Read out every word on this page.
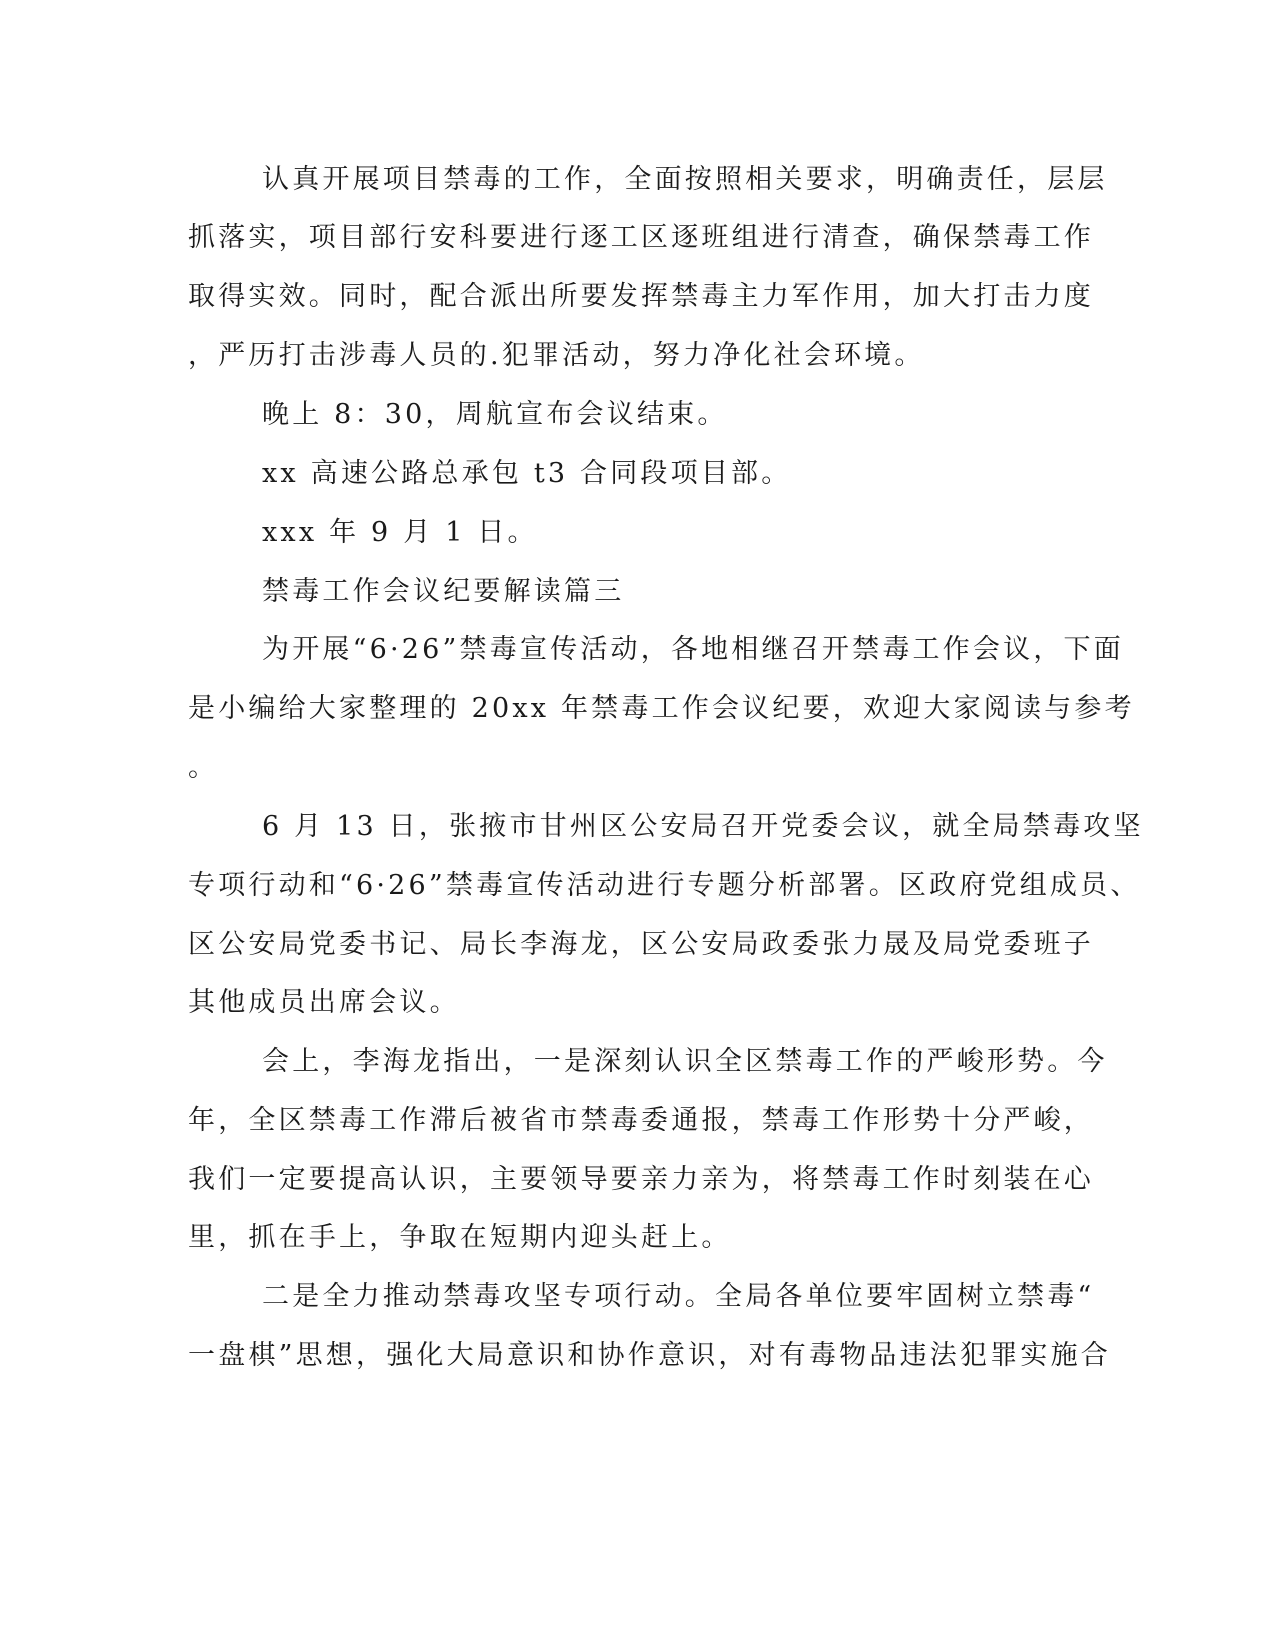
认真开展项目禁毒的工作，全面按照相关要求，明确责任，层层
抓落实，项目部行安科要进行逐工区逐班组进行清查，确保禁毒工作
取得实效。同时，配合派出所要发挥禁毒主力军作用，加大打击力度
，严历打击涉毒人员的.犯罪活动，努力净化社会环境。
晚上 8：30，周航宣布会议结束。
xx 高速公路总承包 t3 合同段项目部。
xxx 年 9 月 1 日。
禁毒工作会议纪要解读篇三
为开展“6·26”禁毒宣传活动，各地相继召开禁毒工作会议，下面
是小编给大家整理的 20xx 年禁毒工作会议纪要，欢迎大家阅读与参考
。
6 月 13 日，张掖市甘州区公安局召开党委会议，就全局禁毒攻坚
专项行动和“6·26”禁毒宣传活动进行专题分析部署。区政府党组成员、
区公安局党委书记、局长李海龙，区公安局政委张力晟及局党委班子
其他成员出席会议。
会上，李海龙指出，一是深刻认识全区禁毒工作的严峻形势。今
年，全区禁毒工作滞后被省市禁毒委通报，禁毒工作形势十分严峻，
我们一定要提高认识，主要领导要亲力亲为，将禁毒工作时刻装在心
里，抓在手上，争取在短期内迎头赶上。
二是全力推动禁毒攻坚专项行动。全局各单位要牢固树立禁毒“
一盘棋”思想，强化大局意识和协作意识，对有毒物品违法犯罪实施合
